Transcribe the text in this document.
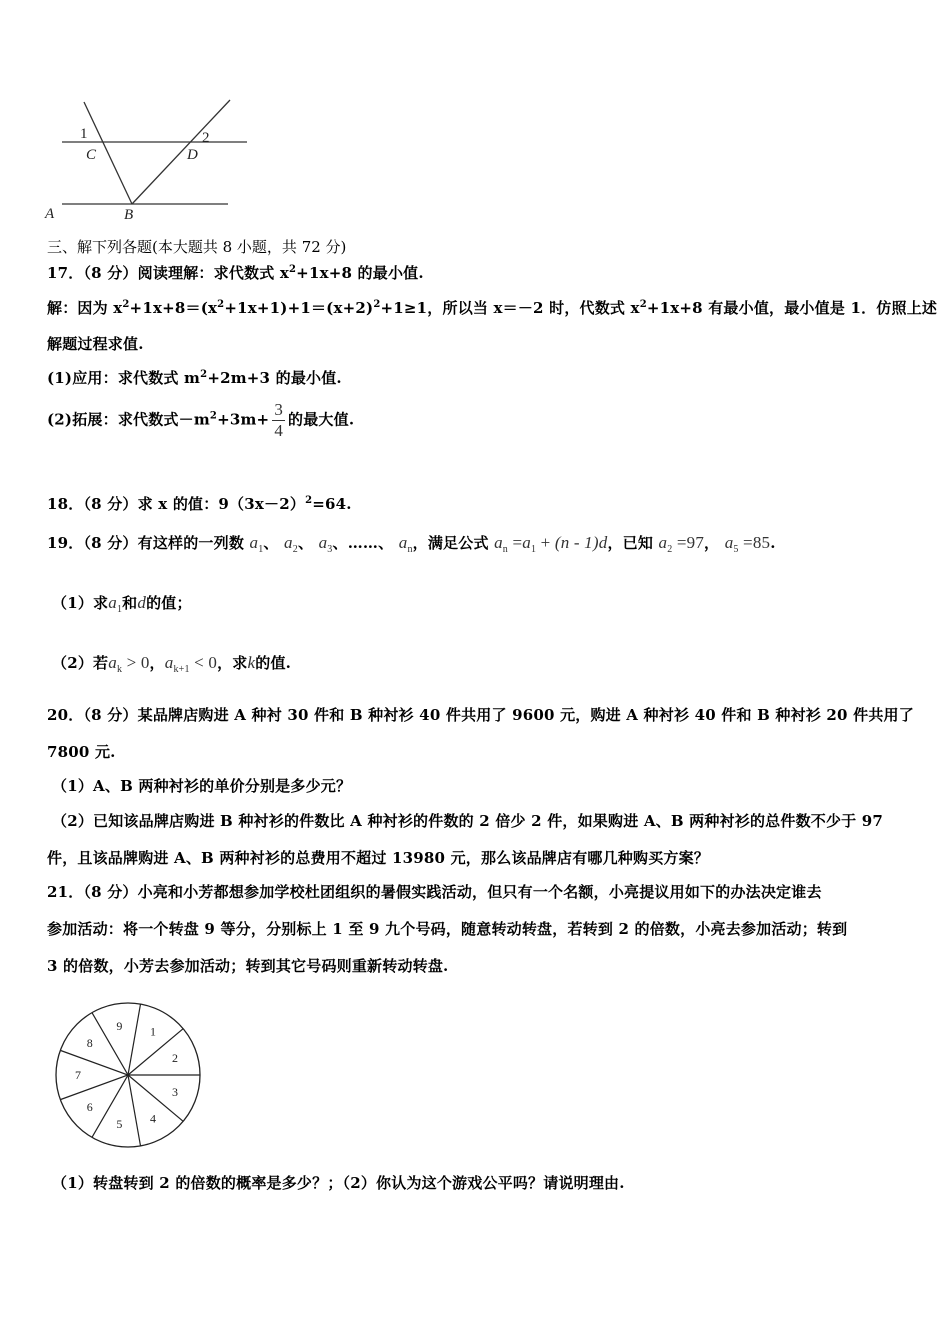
1	2
C	D
A	B
三、解下列各题(本大题共 8 小题，共 72 分)
17．（8 分）阅读理解：求代数式 $x^2+1x+8$ 的最小值.
解：因为 $x^2+1x+8=(x^2+1x+1)+1=(x+2)^2+1\ge 1$，所以当 x＝－2 时，代数式 $x^2+1x+8$ 有最小值，最小值是 1．仿照上述
解题过程求值.
(1)应用：求代数式 $m^2+2m+3$ 的最小值.
(2)拓展：求代数式$-m^2+3m+ \frac{3}{4}$ 的最大值.
18．（8 分）求 x 的值：$9(3x-2)^2=64$.
19．（8 分）有这样的一列数 $a_1$、 $a_2$、 $a_3$、……、 $a_n$，满足公式 $a_n =a_1 + (n - 1)d$，已知 $a_2 =97$， $a_5 =85$.
（1）求$a_1$和d的值；
（2）若$a_k > 0$，$a_{k+1} < 0$，求k的值.
20．（8 分）某品牌店购进 A 种衬 30 件和 B 种衬衫 40 件共用了 9600 元，购进 A 种衬衫 40 件和 B 种衬衫 20 件共用了
7800 元.
（1）A、B 两种衬衫的单价分别是多少元？
（2）已知该品牌店购进 B 种衬衫的件数比 A 种衬衫的件数的 2 倍少 2 件，如果购进 A、B 两种衬衫的总件数不少于 97
件，且该品牌购进 A、B 两种衬衫的总费用不超过 13980 元，那么该品牌店有哪几种购买方案？
21．（8 分）小亮和小芳都想参加学校杜团组织的暑假实践活动，但只有一个名额，小亮提议用如下的办法决定谁去
参加活动：将一个转盘 9 等分，分别标上 1 至 9 九个号码，随意转动转盘，若转到 2 的倍数，小亮去参加活动；转到
3 的倍数，小芳去参加活动；转到其它号码则重新转动转盘.
1
2
3
4
5
6
7
8
9
（1）转盘转到 2 的倍数的概率是多少？；（2）你认为这个游戏公平吗？请说明理由.
